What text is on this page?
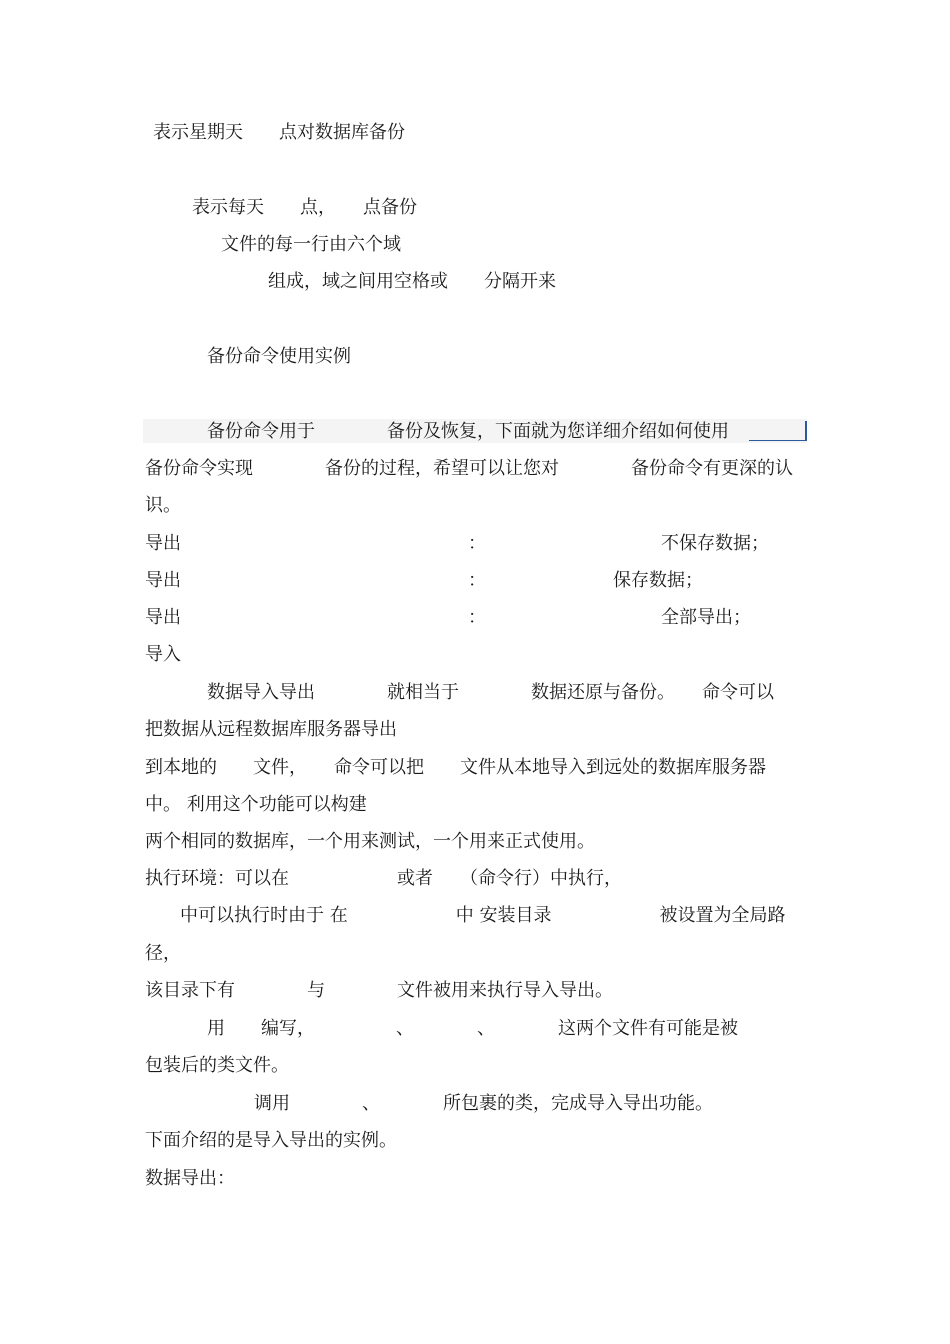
表示星期天　　点对数据库备份

表示每天　　点，　　点备份

文件的每一行由六个域

组成，域之间用空格或　　分隔开来

备份命令使用实例

备份命令用于　　　　备份及恢复，下面就为您详细介绍如何使用

备份命令实现　　　　备份的过程，希望可以让您对　　　　备份命令有更深的认

识。

导出	：	不保存数据；

导出	：	保存数据；

导出	：	全部导出；

导入

数据导入导出　　　　就相当于　　　　数据还原与备份。　　命令可以

把数据从远程数据库服务器导出

到本地的　　文件，　　命令可以把　　文件从本地导入到远处的数据库服务器

中。 利用这个功能可以构建

两个相同的数据库，一个用来测试，一个用来正式使用。

执行环境：可以在　　　　　　或者　　（命令行）中执行，

中可以执行时由于 在　　　　　　中 安装目录　　　　　　被设置为全局路

径，

该目录下有　　　　与　　　　文件被用来执行导入导出。

用　　编写，　　　　　、　　　　、　　　　这两个文件有可能是被

包装后的类文件。

调用　　　　、　　　　所包裹的类，完成导入导出功能。

下面介绍的是导入导出的实例。

数据导出：
